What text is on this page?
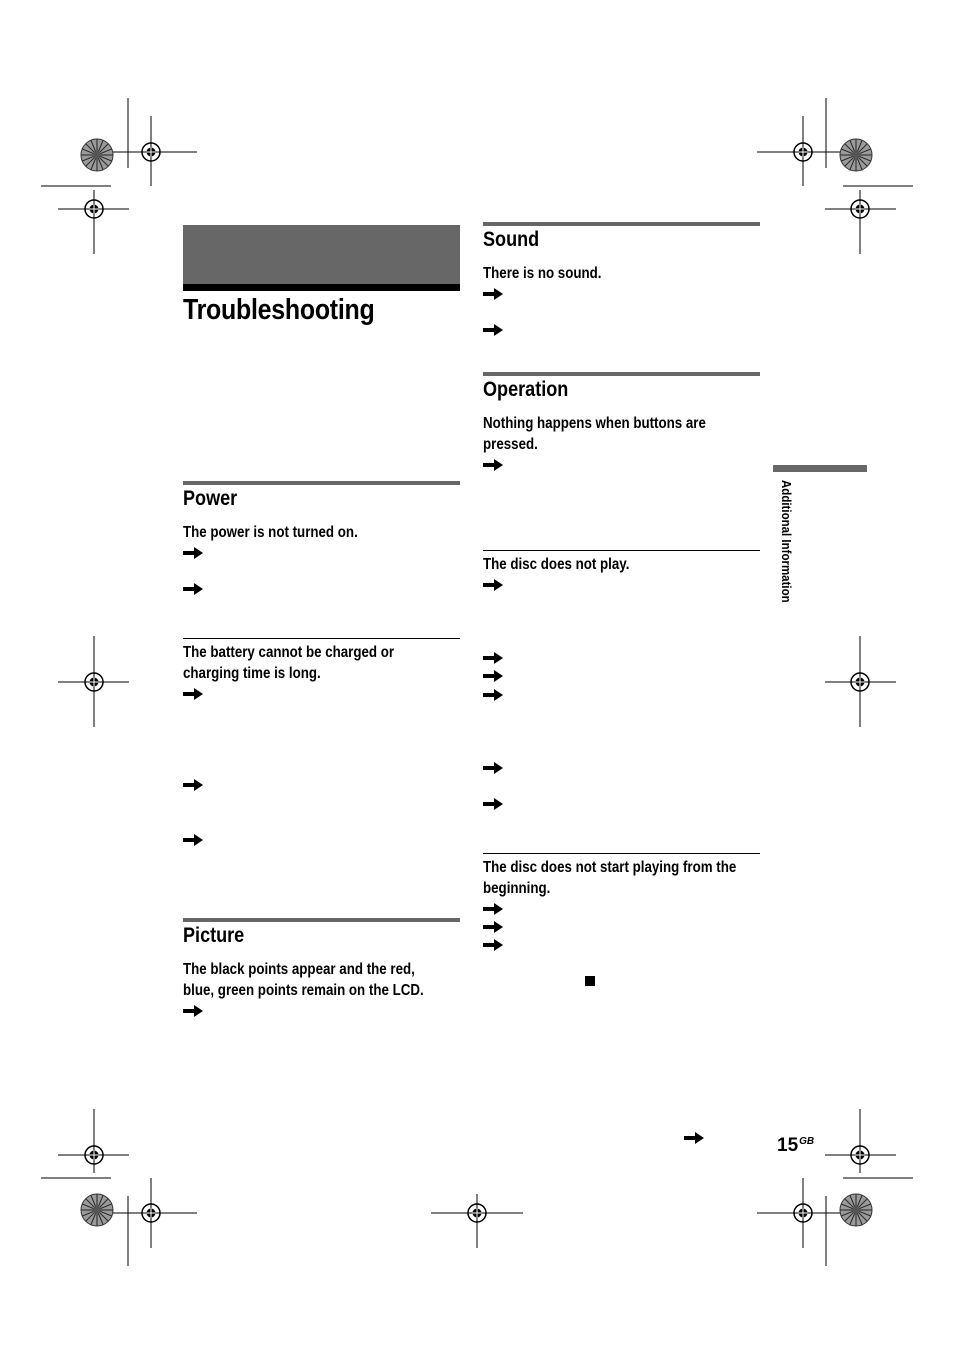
Troubleshooting
Power
The power is not turned on.
The battery cannot be charged or
charging time is long.
Picture
The black points appear and the red,
blue, green points remain on the LCD.
Sound
There is no sound.
Operation
Nothing happens when buttons are
pressed.
The disc does not play.
The disc does not start playing from the
beginning.
Additional Information
$15^{GB}$
